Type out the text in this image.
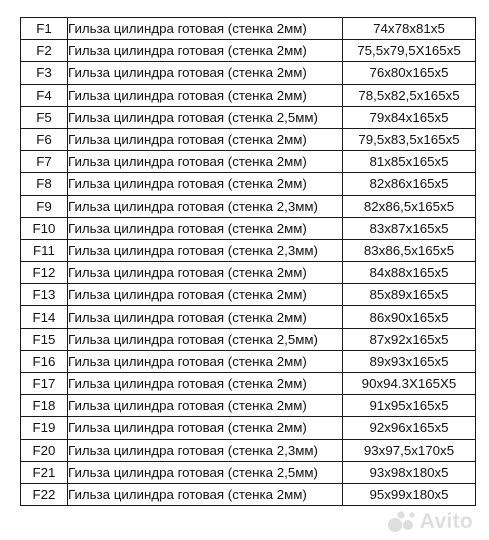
F1	Гильза цилиндра готовая (стенка 2мм)	74х78х81х5
F2	Гильза цилиндра готовая (стенка 2мм)	75,5х79,5Х165х5
F3	Гильза цилиндра готовая (стенка 2мм)	76х80х165х5
F4	Гильза цилиндра готовая (стенка 2мм)	78,5х82,5х165х5
F5	Гильза цилиндра готовая (стенка 2,5мм)	79х84х165х5
F6	Гильза цилиндра готовая (стенка 2мм)	79,5х83,5х165х5
F7	Гильза цилиндра готовая (стенка 2мм)	81х85х165х5
F8	Гильза цилиндра готовая (стенка 2мм)	82х86х165х5
F9	Гильза цилиндра готовая (стенка 2,3мм)	82х86,5х165х5
F10	Гильза цилиндра готовая (стенка 2мм)	83х87х165х5
F11	Гильза цилиндра готовая (стенка 2,3мм)	83х86,5х165х5
F12	Гильза цилиндра готовая (стенка 2мм)	84х88х165х5
F13	Гильза цилиндра готовая (стенка 2мм)	85х89х165х5
F14	Гильза цилиндра готовая (стенка 2мм)	86х90х165х5
F15	Гильза цилиндра готовая (стенка 2,5мм)	87х92х165х5
F16	Гильза цилиндра готовая (стенка 2мм)	89х93х165х5
F17	Гильза цилиндра готовая (стенка 2мм)	90х94.3Х165Х5
F18	Гильза цилиндра готовая (стенка 2мм)	91х95х165х5
F19	Гильза цилиндра готовая (стенка 2мм)	92х96х165х5
F20	Гильза цилиндра готовая (стенка 2,3мм)	93х97,5х170х5
F21	Гильза цилиндра готовая (стенка 2,5мм)	93х98х180х5
F22	Гильза цилиндра готовая (стенка 2мм)	95х99х180х5
Avito
